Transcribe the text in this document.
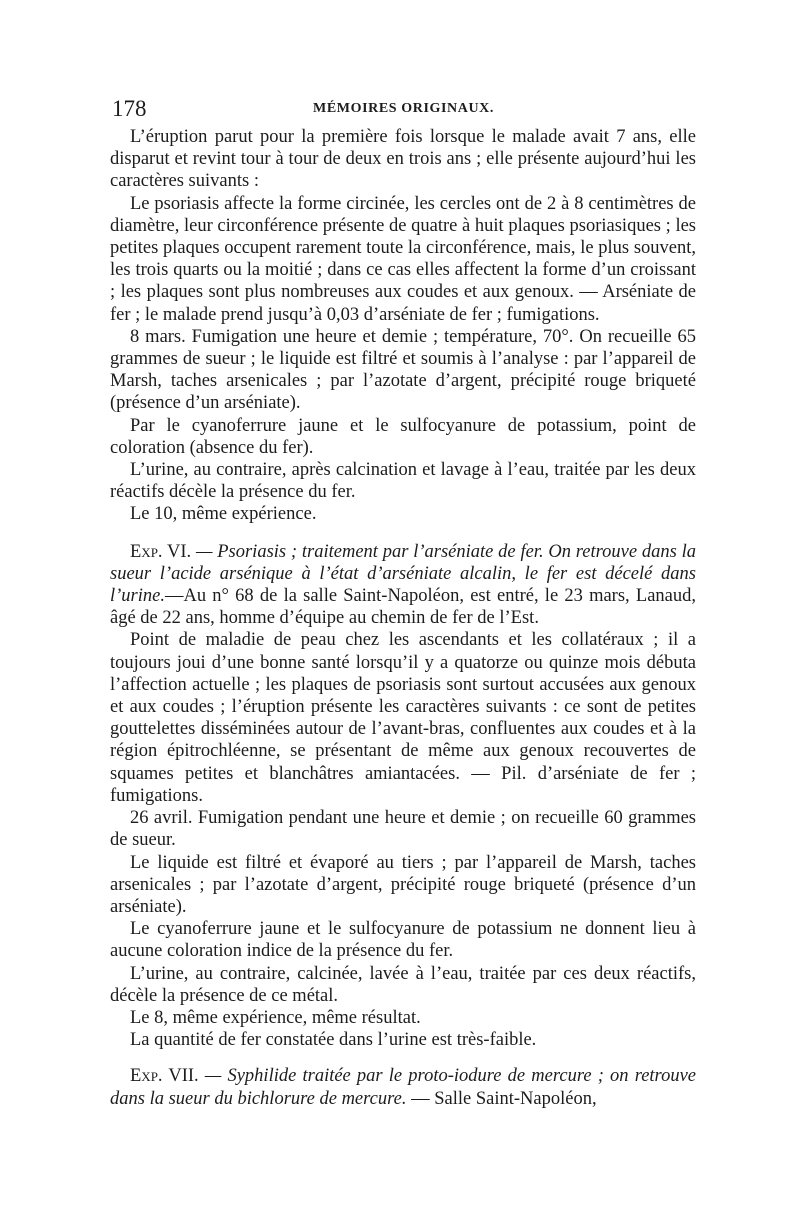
178	MÉMOIRES ORIGINAUX.

L’éruption parut pour la première fois lorsque le malade avait 7 ans, elle disparut et revint tour à tour de deux en trois ans ; elle présente aujourd’hui les caractères suivants :

Le psoriasis affecte la forme circinée, les cercles ont de 2 à 8 centimètres de diamètre, leur circonférence présente de quatre à huit plaques psoriasiques ; les petites plaques occupent rarement toute la circonférence, mais, le plus souvent, les trois quarts ou la moitié ; dans ce cas elles affectent la forme d’un croissant ; les plaques sont plus nombreuses aux coudes et aux genoux. — Arséniate de fer ; le malade prend jusqu’à 0,03 d’arséniate de fer ; fumigations.

8 mars. Fumigation une heure et demie ; température, 70°. On recueille 65 grammes de sueur ; le liquide est filtré et soumis à l’analyse : par l’appareil de Marsh, taches arsenicales ; par l’azotate d’argent, précipité rouge briqueté (présence d’un arséniate).

Par le cyanoferrure jaune et le sulfocyanure de potassium, point de coloration (absence du fer).

L’urine, au contraire, après calcination et lavage à l’eau, traitée par les deux réactifs décèle la présence du fer.

Le 10, même expérience.

Exp. VI. — Psoriasis ; traitement par l’arséniate de fer. On retrouve dans la sueur l’acide arsénique à l’état d’arséniate alcalin, le fer est décelé dans l’urine.—Au n° 68 de la salle Saint-Napoléon, est entré, le 23 mars, Lanaud, âgé de 22 ans, homme d’équipe au chemin de fer de l’Est.

Point de maladie de peau chez les ascendants et les collatéraux ; il a toujours joui d’une bonne santé lorsqu’il y a quatorze ou quinze mois débuta l’affection actuelle ; les plaques de psoriasis sont surtout accusées aux genoux et aux coudes ; l’éruption présente les caractères suivants : ce sont de petites gouttelettes disséminées autour de l’avant-bras, confluentes aux coudes et à la région épitrochléenne, se présentant de même aux genoux recouvertes de squames petites et blanchâtres amiantacées. — Pil. d’arséniate de fer ; fumigations.

26 avril. Fumigation pendant une heure et demie ; on recueille 60 grammes de sueur.

Le liquide est filtré et évaporé au tiers ; par l’appareil de Marsh, taches arsenicales ; par l’azotate d’argent, précipité rouge briqueté (présence d’un arséniate).

Le cyanoferrure jaune et le sulfocyanure de potassium ne donnent lieu à aucune coloration indice de la présence du fer.

L’urine, au contraire, calcinée, lavée à l’eau, traitée par ces deux réactifs, décèle la présence de ce métal.

Le 8, même expérience, même résultat.

La quantité de fer constatée dans l’urine est très-faible.

Exp. VII. — Syphilide traitée par le proto-iodure de mercure ; on retrouve dans la sueur du bichlorure de mercure. — Salle Saint-Napoléon,
